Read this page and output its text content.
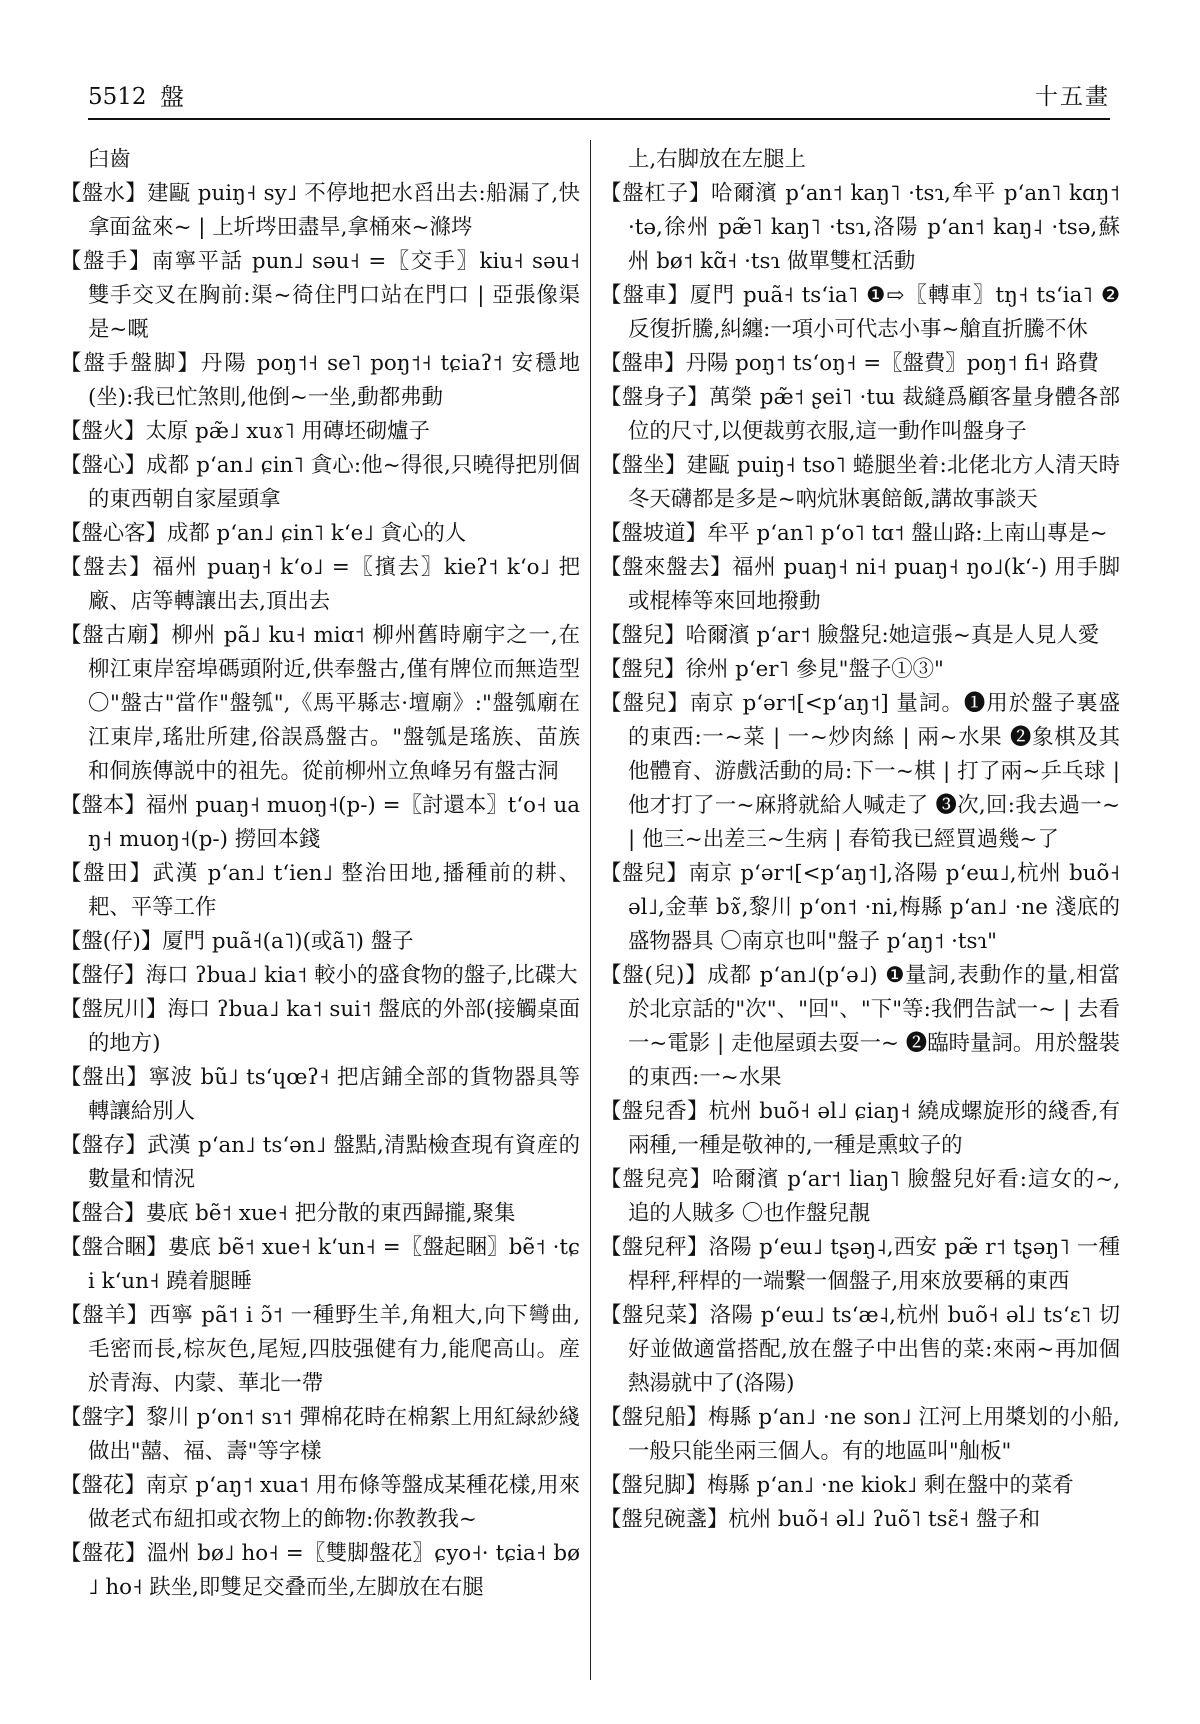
5512 盤	十五畫
臼齒
【盤水】建甌 puiŋ˧ sy˩ 不停地把水舀出去:船漏了,快拿面盆來~ | 上圻埁田盡旱,拿桶來~滌埁
【盤手】南寧平話 pun˩ səu˧ =〖交手〗kiu˧ səu˧ 雙手交叉在胸前:渠~徛住門口站在門口 | 亞張像渠是~嘅
【盤手盤脚】丹陽 poŋ˦˧ se˥ poŋ˦˧ tɕiaʔ˦ 安穩地(坐):我已忙煞則,他倒~一坐,動都弗動
【盤火】太原 pæ̃˩ xuɤ˥ 用磚坯砌爐子
【盤心】成都 pʻan˩ ɕin˥ 貪心:他~得很,只曉得把別個的東西朝自家屋頭拿
【盤心客】成都 pʻan˩ ɕin˥ kʻe˩ 貪心的人
【盤去】福州 puaŋ˧ kʻo˩ =〖擯去〗kieʔ˦ kʻo˩ 把廠、店等轉讓出去,頂出去
【盤古廟】柳州 pã˩ ku˧ miɑ˦ 柳州舊時廟宇之一,在柳江東岸窑埠碼頭附近,供奉盤古,僅有牌位而無造型 〇"盤古"當作"盤瓠",《馬平縣志·壇廟》:"盤瓠廟在江東岸,瑤壯所建,俗誤爲盤古。"盤瓠是瑤族、苗族和侗族傳説中的祖先。從前柳州立魚峰另有盤古洞
【盤本】福州 puaŋ˧ muoŋ˧(p-) =〖討還本〗tʻo˧ uaŋ˧ muoŋ˧(p-) 撈回本錢
【盤田】武漢 pʻan˩ tʻien˩ 整治田地,播種前的耕、耙、平等工作
【盤(仔)】厦門 puã˧(a˥)(或ã˥) 盤子
【盤仔】海口 ʔbua˩ kia˦ 較小的盛食物的盤子,比碟大
【盤尻川】海口 ʔbua˩ ka˦ sui˦ 盤底的外部(接觸桌面的地方)
【盤出】寧波 bũ˩ tsʻɥœʔ˧ 把店鋪全部的貨物器具等轉讓給別人
【盤存】武漢 pʻan˩ tsʻən˩ 盤點,清點檢查現有資産的數量和情況
【盤合】婁底 bẽ˦ xue˧ 把分散的東西歸攏,聚集
【盤合睏】婁底 bẽ˦ xue˧ kʻun˧ =〖盤起睏〗bẽ˦ ·tɕi kʻun˧ 蹺着腿睡
【盤羊】西寧 pã˦ i ɔ̃˦ 一種野生羊,角粗大,向下彎曲,毛密而長,棕灰色,尾短,四肢强健有力,能爬高山。産於青海、内蒙、華北一帶
【盤字】黎川 pʻon˦ sɿ˦ 彈棉花時在棉絮上用紅緑紗綫做出"囍、福、壽"等字樣
【盤花】南京 pʻaŋ˦ xua˦ 用布條等盤成某種花樣,用來做老式布紐扣或衣物上的飾物:你教教我~
【盤花】溫州 bø˩ ho˧ =〖雙脚盤花〗ɕyo˧· tɕia˧ bø˩ ho˧ 趺坐,即雙足交叠而坐,左脚放在右腿
上,右脚放在左腿上
【盤杠子】哈爾濱 pʻan˦ kaŋ˥ ·tsɿ,牟平 pʻan˥ kɑŋ˦ ·tə,徐州 pæ̃˥ kaŋ˥ ·tsɿ,洛陽 pʻan˦ kaŋ˨ ·tsə,蘇州 bø˦ kɑ̃˧ ·tsɿ 做單雙杠活動
【盤車】厦門 puã˧ tsʻia˥ ❶⇨〖轉車〗tŋ˧ tsʻia˥ ❷反復折騰,糾纏:一項小可代志小事~艙直折騰不休
【盤串】丹陽 poŋ˦ tsʻoŋ˧ =〖盤費〗poŋ˦ fi˧ 路費
【盤身子】萬榮 pæ̃˦ ʂei˥ ·tɯ 裁縫爲顧客量身體各部位的尺寸,以便裁剪衣服,這一動作叫盤身子
【盤坐】建甌 puiŋ˧ tso˥ 蜷腿坐着:北佬北方人清天時冬天礴都是多是~吶炕牀裏餢飯,講故事談天
【盤坡道】牟平 pʻan˥ pʻo˥ tɑ˦ 盤山路:上南山專是~
【盤來盤去】福州 puaŋ˧ ni˧ puaŋ˧ ŋo˩(kʻ-) 用手脚或棍棒等來回地撥動
【盤兒】哈爾濱 pʻar˦ 臉盤兒:她這張~真是人見人愛
【盤兒】徐州 pʻer˥ 參見"盤子①③"
【盤兒】南京 pʻər˦[<pʻaŋ˦] 量詞。❶用於盤子裏盛的東西:一~菜 | 一~炒肉絲 | 兩~水果 ❷象棋及其他體育、游戲活動的局:下一~棋 | 打了兩~乒乓球 | 他才打了一~麻將就給人喊走了 ❸次,回:我去過一~ | 他三~出差三~生病 | 春筍我已經買過幾~了
【盤兒】南京 pʻər˦[<pʻaŋ˦],洛陽 pʻeɯ˩,杭州 buõ˧ əl˩,金華 bɤ̃,黎川 pʻon˦ ·ni,梅縣 pʻan˩ ·ne 淺底的盛物器具 〇南京也叫"盤子 pʻaŋ˦ ·tsɿ"
【盤(兒)】成都 pʻan˩(pʻə˩) ❶量詞,表動作的量,相當於北京話的"次"、"回"、"下"等:我們告試一~ | 去看一~電影 | 走他屋頭去耍一~ ❷臨時量詞。用於盤裝的東西:一~水果
【盤兒香】杭州 buõ˧ əl˩ ɕiaŋ˧ 繞成螺旋形的綫香,有兩種,一種是敬神的,一種是熏蚊子的
【盤兒亮】哈爾濱 pʻar˦ liaŋ˥ 臉盤兒好看:這女的~,追的人賊多 〇也作盤兒靚
【盤兒秤】洛陽 pʻeɯ˩ tʂəŋ˨,西安 pæ̃ r˦ tʂəŋ˥ 一種桿秤,秤桿的一端繫一個盤子,用來放要稱的東西
【盤兒菜】洛陽 pʻeɯ˩ tsʻæ˨,杭州 buõ˧ əl˩ tsʻɛ˥ 切好並做適當搭配,放在盤子中出售的菜:來兩~再加個熱湯就中了(洛陽)
【盤兒船】梅縣 pʻan˩ ·ne son˩ 江河上用槳划的小船,一般只能坐兩三個人。有的地區叫"舢板"
【盤兒脚】梅縣 pʻan˩ ·ne kiok˩ 剩在盤中的菜肴
【盤兒碗盞】杭州 buõ˧ əl˩ ʔuõ˥ tsɛ̃˧ 盤子和
